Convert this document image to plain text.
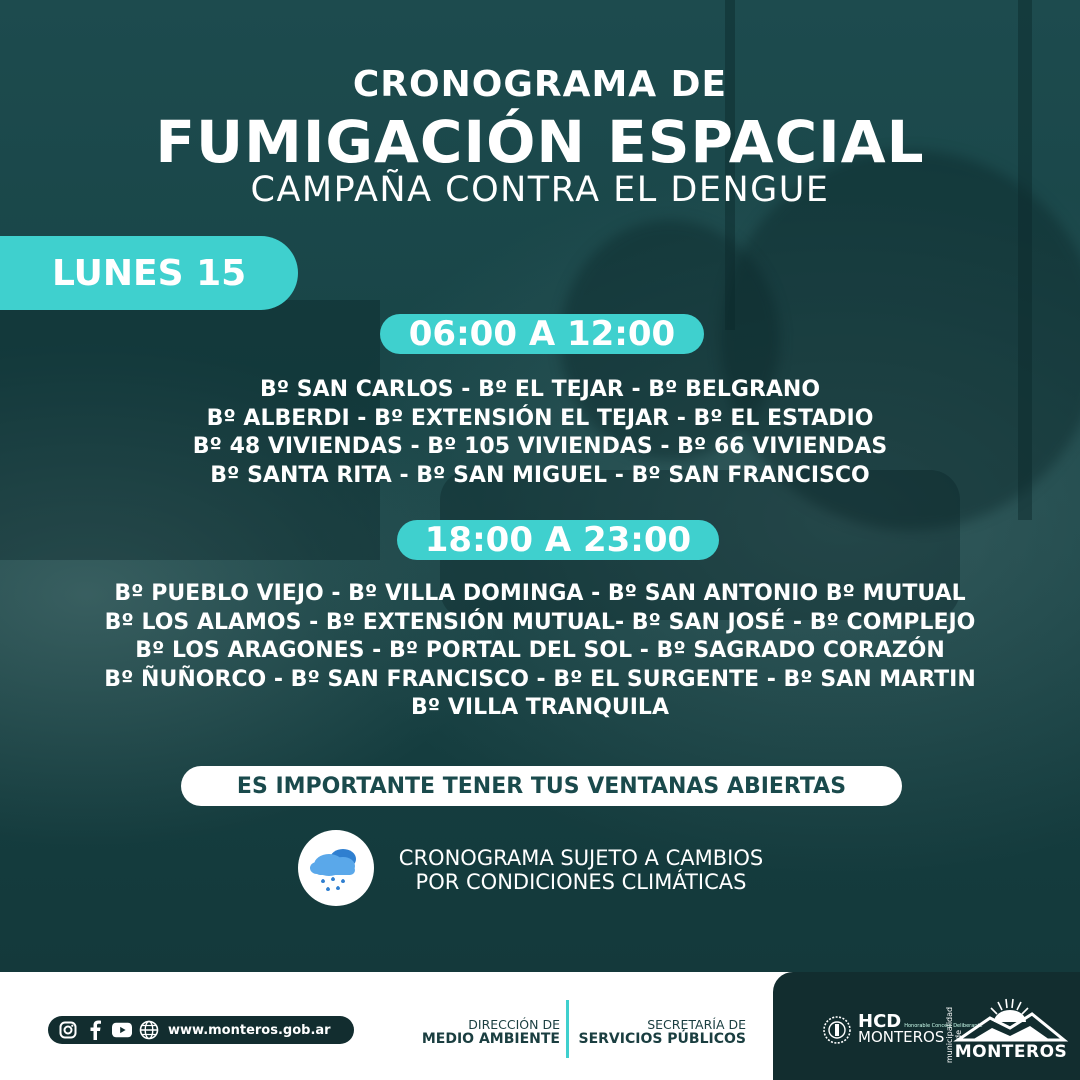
CRONOGRAMA DE
FUMIGACIÓN ESPACIAL
CAMPAÑA CONTRA EL DENGUE
LUNES 15
06:00 A 12:00
Bº SAN CARLOS - Bº EL TEJAR - Bº BELGRANO
Bº ALBERDI - Bº EXTENSIÓN EL TEJAR - Bº EL ESTADIO
Bº 48 VIVIENDAS - Bº 105 VIVIENDAS - Bº 66 VIVIENDAS
Bº SANTA RITA - Bº SAN MIGUEL - Bº SAN FRANCISCO
18:00 A 23:00
Bº PUEBLO VIEJO - Bº VILLA DOMINGA - Bº SAN ANTONIO Bº MUTUAL
Bº LOS ALAMOS - Bº EXTENSIÓN MUTUAL- Bº SAN JOSÉ - Bº COMPLEJO
Bº LOS ARAGONES - Bº PORTAL DEL SOL - Bº SAGRADO CORAZÓN
Bº ÑUÑORCO - Bº SAN FRANCISCO - Bº EL SURGENTE - Bº SAN MARTIN
Bº VILLA TRANQUILA
ES IMPORTANTE TENER TUS VENTANAS ABIERTAS
CRONOGRAMA SUJETO A CAMBIOS
POR CONDICIONES CLIMÁTICAS
www.monteros.gob.ar	DIRECCIÓN DE
MEDIO AMBIENTE
SECRETARÍA DE
SERVICIOS PÚBLICOS
HCD Honorable Concejo Deliberante
MONTEROS municipalidad de
MONTEROS
